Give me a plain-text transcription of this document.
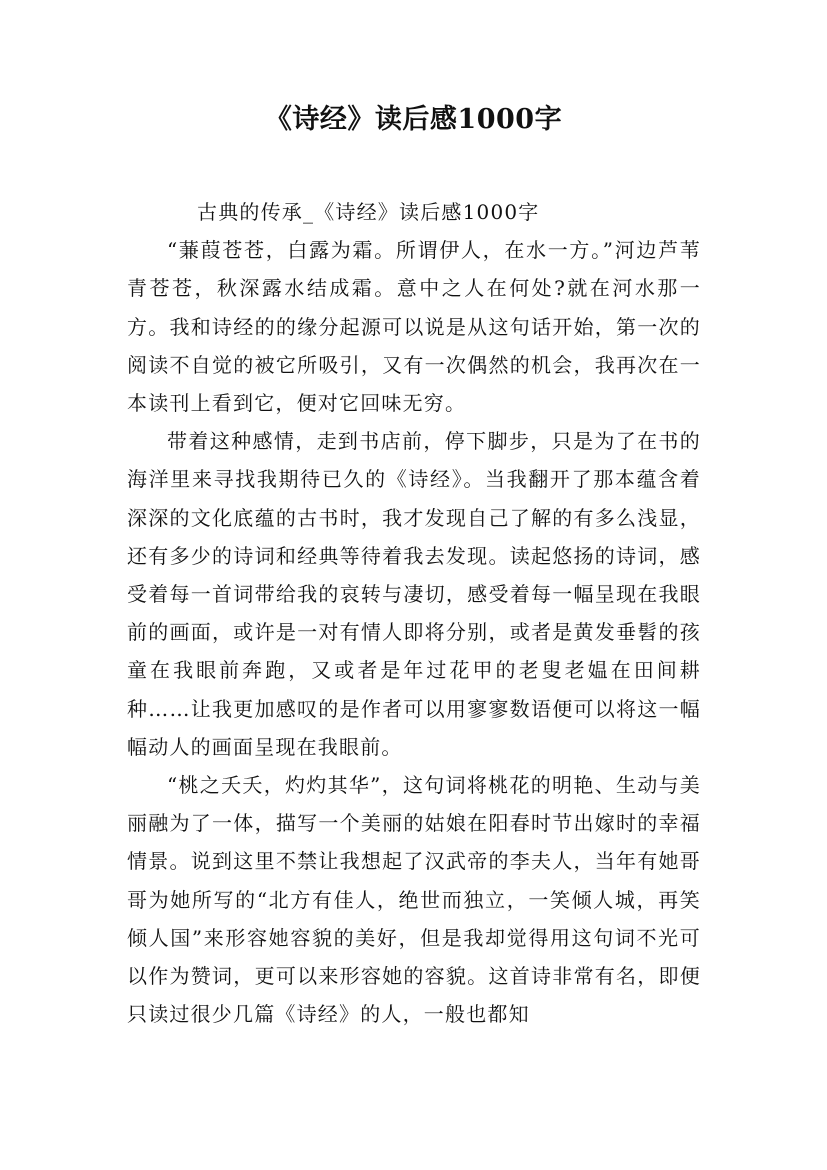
《诗经》读后感1000字

古典的传承_《诗经》读后感1000字

“蒹葭苍苍，白露为霜。所谓伊人，在水一方。”河边芦苇青苍苍，秋深露水结成霜。意中之人在何处?就在河水那一方。我和诗经的的缘分起源可以说是从这句话开始，第一次的阅读不自觉的被它所吸引，又有一次偶然的机会，我再次在一本读刊上看到它，便对它回味无穷。

带着这种感情，走到书店前，停下脚步，只是为了在书的海洋里来寻找我期待已久的《诗经》。当我翻开了那本蕴含着深深的文化底蕴的古书时，我才发现自己了解的有多么浅显，还有多少的诗词和经典等待着我去发现。读起悠扬的诗词，感受着每一首词带给我的哀转与凄切，感受着每一幅呈现在我眼前的画面，或许是一对有情人即将分别，或者是黄发垂髫的孩童在我眼前奔跑，又或者是年过花甲的老叟老媪在田间耕种……让我更加感叹的是作者可以用寥寥数语便可以将这一幅幅动人的画面呈现在我眼前。

“桃之夭夭，灼灼其华”，这句词将桃花的明艳、生动与美丽融为了一体，描写一个美丽的姑娘在阳春时节出嫁时的幸福情景。说到这里不禁让我想起了汉武帝的李夫人，当年有她哥哥为她所写的“北方有佳人，绝世而独立，一笑倾人城，再笑倾人国”来形容她容貌的美好，但是我却觉得用这句词不光可以作为赞词，更可以来形容她的容貌。这首诗非常有名，即便只读过很少几篇《诗经》的人，一般也都知
